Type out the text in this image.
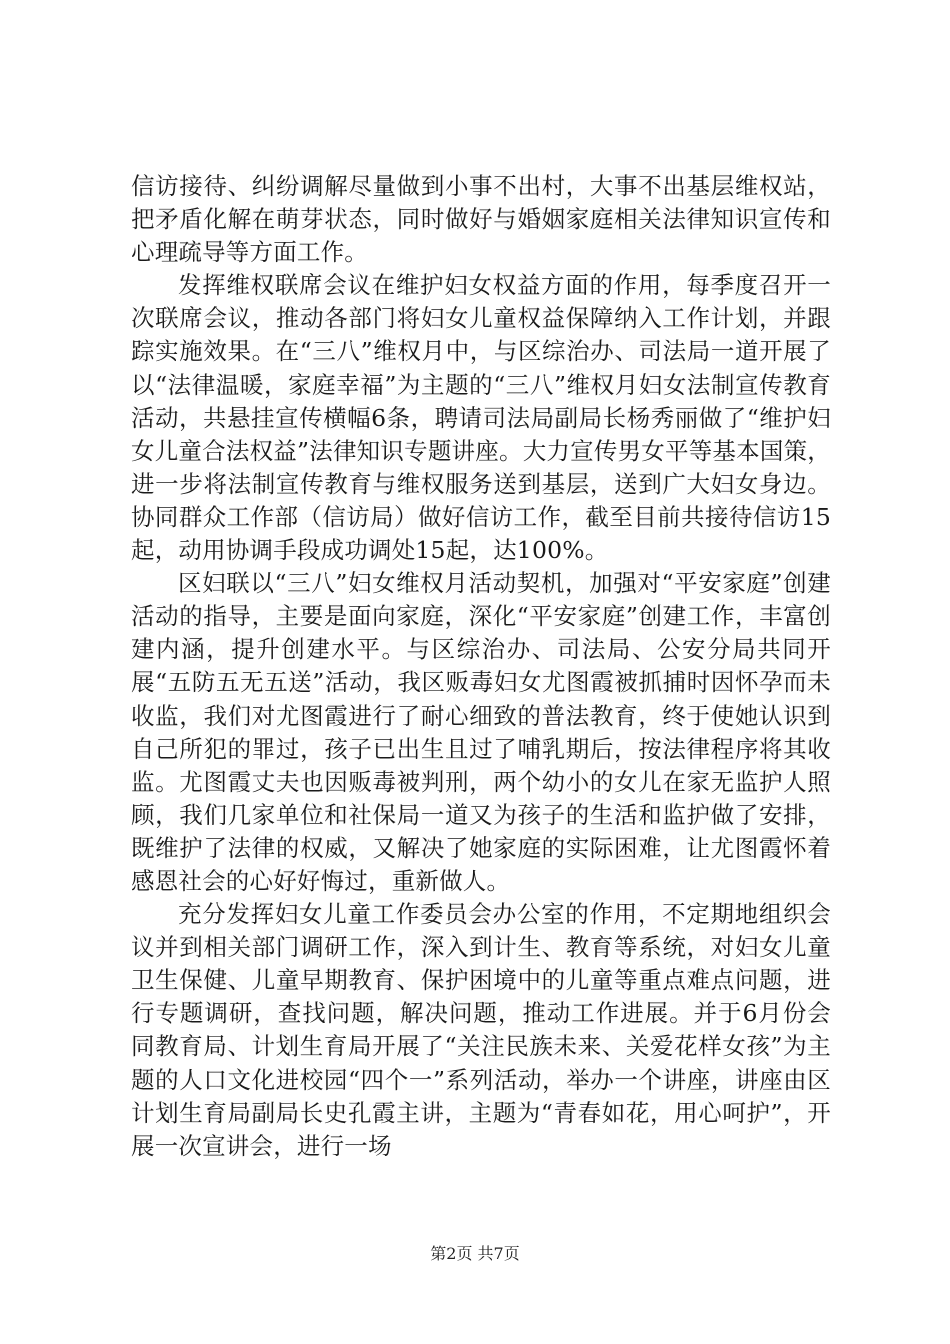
信访接待、纠纷调解尽量做到小事不出村，大事不出基层维权站，把矛盾化解在萌芽状态，同时做好与婚姻家庭相关法律知识宣传和心理疏导等方面工作。

发挥维权联席会议在维护妇女权益方面的作用，每季度召开一次联席会议，推动各部门将妇女儿童权益保障纳入工作计划，并跟踪实施效果。在“三八”维权月中，与区综治办、司法局一道开展了以“法律温暖，家庭幸福”为主题的“三八”维权月妇女法制宣传教育活动，共悬挂宣传横幅6条，聘请司法局副局长杨秀丽做了“维护妇女儿童合法权益”法律知识专题讲座。大力宣传男女平等基本国策，进一步将法制宣传教育与维权服务送到基层，送到广大妇女身边。协同群众工作部（信访局）做好信访工作，截至目前共接待信访15起，动用协调手段成功调处15起，达100%。

区妇联以“三八”妇女维权月活动契机，加强对“平安家庭”创建活动的指导，主要是面向家庭，深化“平安家庭”创建工作，丰富创建内涵，提升创建水平。与区综治办、司法局、公安分局共同开展“五防五无五送”活动，我区贩毒妇女尤图霞被抓捕时因怀孕而未收监，我们对尤图霞进行了耐心细致的普法教育，终于使她认识到自己所犯的罪过，孩子已出生且过了哺乳期后，按法律程序将其收监。尤图霞丈夫也因贩毒被判刑，两个幼小的女儿在家无监护人照顾，我们几家单位和社保局一道又为孩子的生活和监护做了安排，既维护了法律的权威，又解决了她家庭的实际困难，让尤图霞怀着感恩社会的心好好悔过，重新做人。

充分发挥妇女儿童工作委员会办公室的作用，不定期地组织会议并到相关部门调研工作，深入到计生、教育等系统，对妇女儿童卫生保健、儿童早期教育、保护困境中的儿童等重点难点问题，进行专题调研，查找问题，解决问题，推动工作进展。并于6月份会同教育局、计划生育局开展了“关注民族未来、关爱花样女孩”为主题的人口文化进校园“四个一”系列活动，举办一个讲座，讲座由区计划生育局副局长史孔霞主讲，主题为“青春如花，用心呵护”，开展一次宣讲会，进行一场

第2页 共7页
